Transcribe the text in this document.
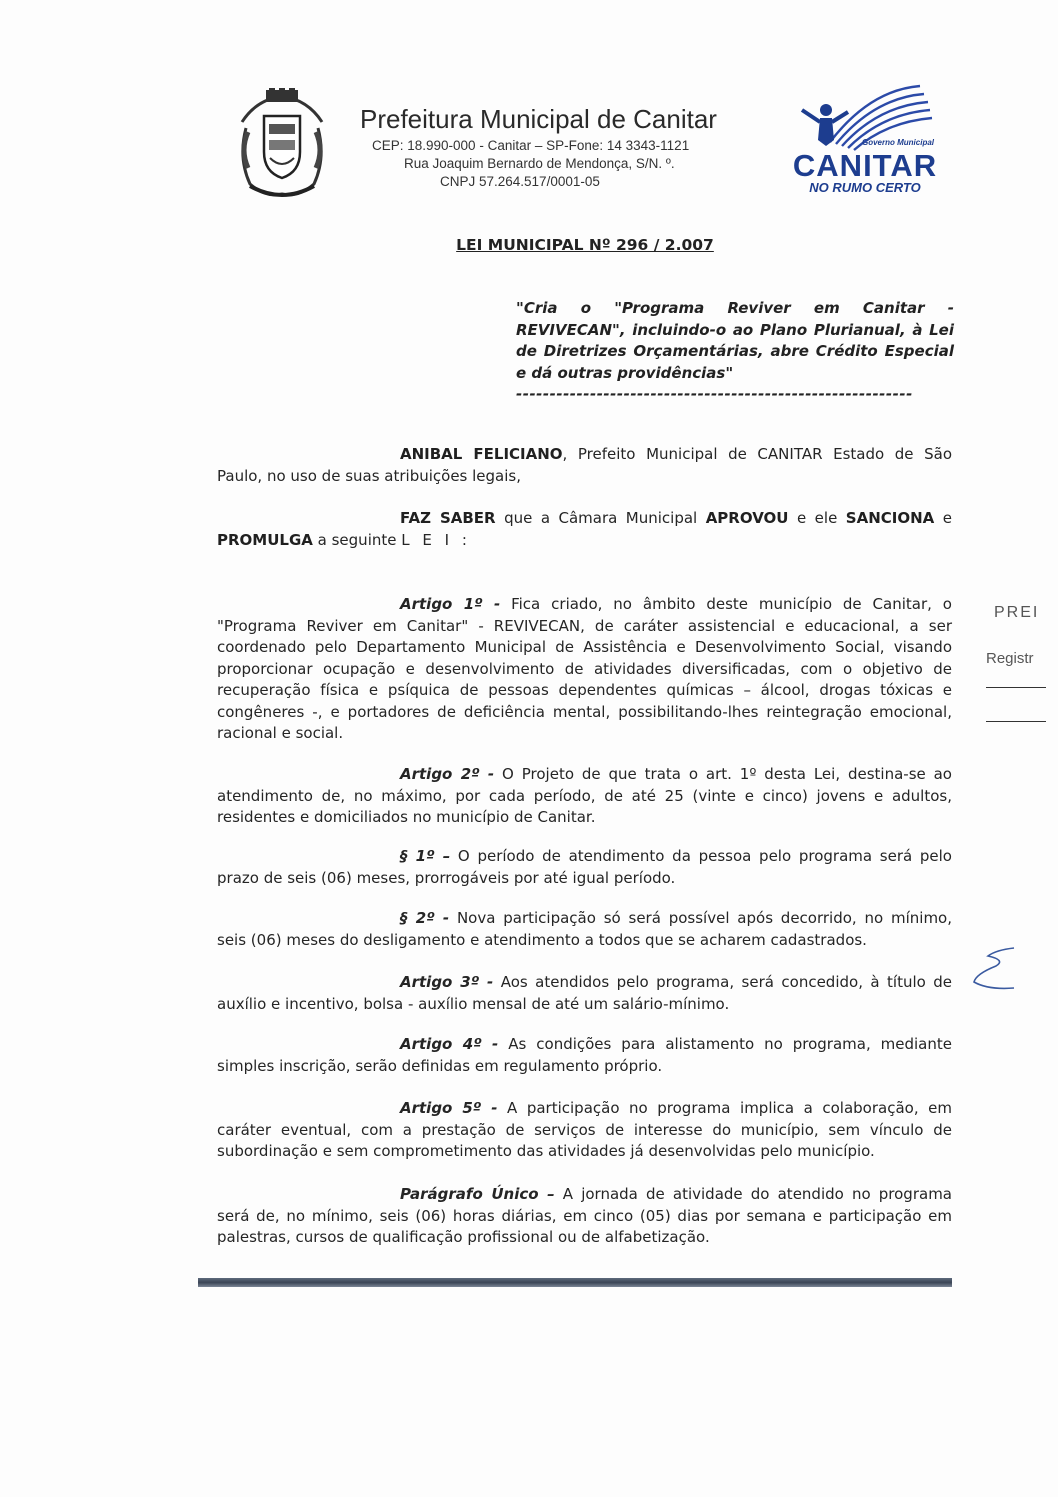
Prefeitura Municipal de Canitar
CEP: 18.990-000 - Canitar – SP-Fone: 14 3343-1121
Rua Joaquim Bernardo de Mendonça, S/N. º.
CNPJ 57.264.517/0001-05
Governo Municipal
CANITAR
NO RUMO CERTO
LEI MUNICIPAL Nº 296 / 2.007
"Cria o "Programa Reviver em Canitar - REVIVECAN", incluindo-o ao Plano Plurianual, à Lei de Diretrizes Orçamentárias, abre Crédito Especial e dá outras providências"
-----------------------------------------------------------

ANIBAL FELICIANO, Prefeito Municipal de CANITAR Estado de São Paulo, no uso de suas atribuições legais,

FAZ SABER que a Câmara Municipal APROVOU e ele SANCIONA e PROMULGA a seguinte L E I :

Artigo 1º - Fica criado, no âmbito deste município de Canitar, o "Programa Reviver em Canitar" - REVIVECAN, de caráter assistencial e educacional, a ser coordenado pelo Departamento Municipal de Assistência e Desenvolvimento Social, visando proporcionar ocupação e desenvolvimento de atividades diversificadas, com o objetivo de recuperação física e psíquica de pessoas dependentes químicas – álcool, drogas tóxicas e congêneres -, e portadores de deficiência mental, possibilitando-lhes reintegração emocional, racional e social.

Artigo 2º - O Projeto de que trata o art. 1º desta Lei, destina-se ao atendimento de, no máximo, por cada período, de até 25 (vinte e cinco) jovens e adultos, residentes e domiciliados no município de Canitar.

§ 1º – O período de atendimento da pessoa pelo programa será pelo prazo de seis (06) meses, prorrogáveis por até igual período.

§ 2º - Nova participação só será possível após decorrido, no mínimo, seis (06) meses do desligamento e atendimento a todos que se acharem cadastrados.

Artigo 3º - Aos atendidos pelo programa, será concedido, à título de auxílio e incentivo, bolsa - auxílio mensal de até um salário-mínimo.

Artigo 4º - As condições para alistamento no programa, mediante simples inscrição, serão definidas em regulamento próprio.

Artigo 5º - A participação no programa implica a colaboração, em caráter eventual, com a prestação de serviços de interesse do município, sem vínculo de subordinação e sem comprometimento das atividades já desenvolvidas pelo município.

Parágrafo Único – A jornada de atividade do atendido no programa será de, no mínimo, seis (06) horas diárias, em cinco (05) dias por semana e participação em palestras, cursos de qualificação profissional ou de alfabetização.

PREI
Registr
